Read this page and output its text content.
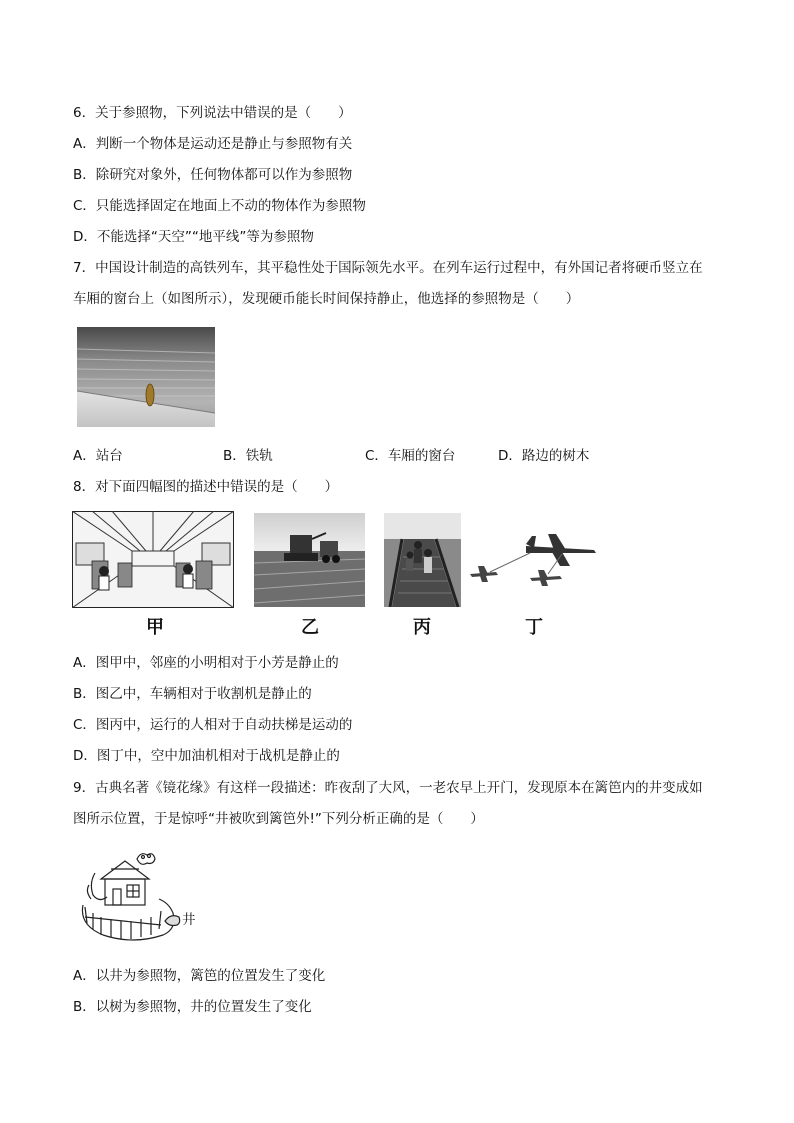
6．关于参照物，下列说法中错误的是（　　）
A．判断一个物体是运动还是静止与参照物有关
B．除研究对象外，任何物体都可以作为参照物
C．只能选择固定在地面上不动的物体作为参照物
D．不能选择“天空”“地平线”等为参照物
7．中国设计制造的高铁列车，其平稳性处于国际领先水平。在列车运行过程中，有外国记者将硬币竖立在
车厢的窗台上（如图所示），发现硬币能长时间保持静止，他选择的参照物是（　　）
A．站台	B．铁轨	C．车厢的窗台	D．路边的树木
8．对下面四幅图的描述中错误的是（　　）
甲	乙	丙	丁
A．图甲中，邻座的小明相对于小芳是静止的
B．图乙中，车辆相对于收割机是静止的
C．图丙中，运行的人相对于自动扶梯是运动的
D．图丁中，空中加油机相对于战机是静止的
9．古典名著《镜花缘》有这样一段描述：昨夜刮了大风，一老农早上开门，发现原本在篱笆内的井变成如
图所示位置，于是惊呼“井被吹到篱笆外!”下列分析正确的是（　　）
井
A．以井为参照物，篱笆的位置发生了变化
B．以树为参照物，井的位置发生了变化
